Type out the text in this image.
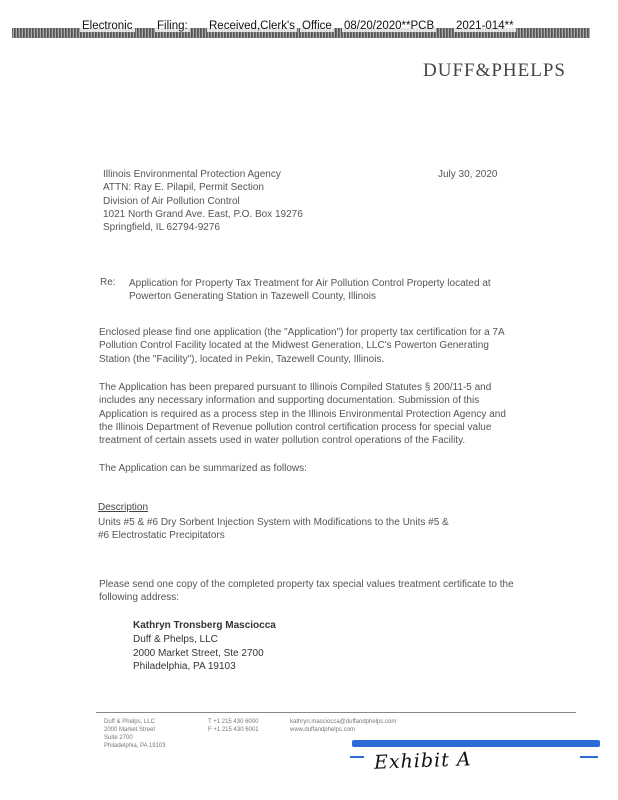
Electronic Filing: Received,Clerk's Office 08/20/2020**PCB 2021-014**
DUFF&PHELPS
Illinois Environmental Protection Agency
ATTN: Ray E. Pilapil, Permit Section
Division of Air Pollution Control
1021 North Grand Ave. East, P.O. Box 19276
Springfield, IL 62794-9276
July 30, 2020
Re: Application for Property Tax Treatment for Air Pollution Control Property located at Powerton Generating Station in Tazewell County, Illinois
Enclosed please find one application (the "Application") for property tax certification for a 7A Pollution Control Facility located at the Midwest Generation, LLC's Powerton Generating Station (the "Facility"), located in Pekin, Tazewell County, Illinois.
The Application has been prepared pursuant to Illinois Compiled Statutes § 200/11-5 and includes any necessary information and supporting documentation. Submission of this Application is required as a process step in the Illinois Environmental Protection Agency and the Illinois Department of Revenue pollution control certification process for special value treatment of certain assets used in water pollution control operations of the Facility.
The Application can be summarized as follows:
Description
Units #5 & #6 Dry Sorbent Injection System with Modifications to the Units #5 & #6 Electrostatic Precipitators
Please send one copy of the completed property tax special values treatment certificate to the following address:
Kathryn Tronsberg Masciocca
Duff & Phelps, LLC
2000 Market Street, Ste 2700
Philadelphia, PA 19103
Duff & Phelps, LLC
2000 Market Street
Suite 2700
Philadelphia, PA 19103
T +1 215 430 6000
F +1 215 430 6001
kathryn.masciocca@duffandphelps.com
www.duffandphelps.com
Exhibit A
